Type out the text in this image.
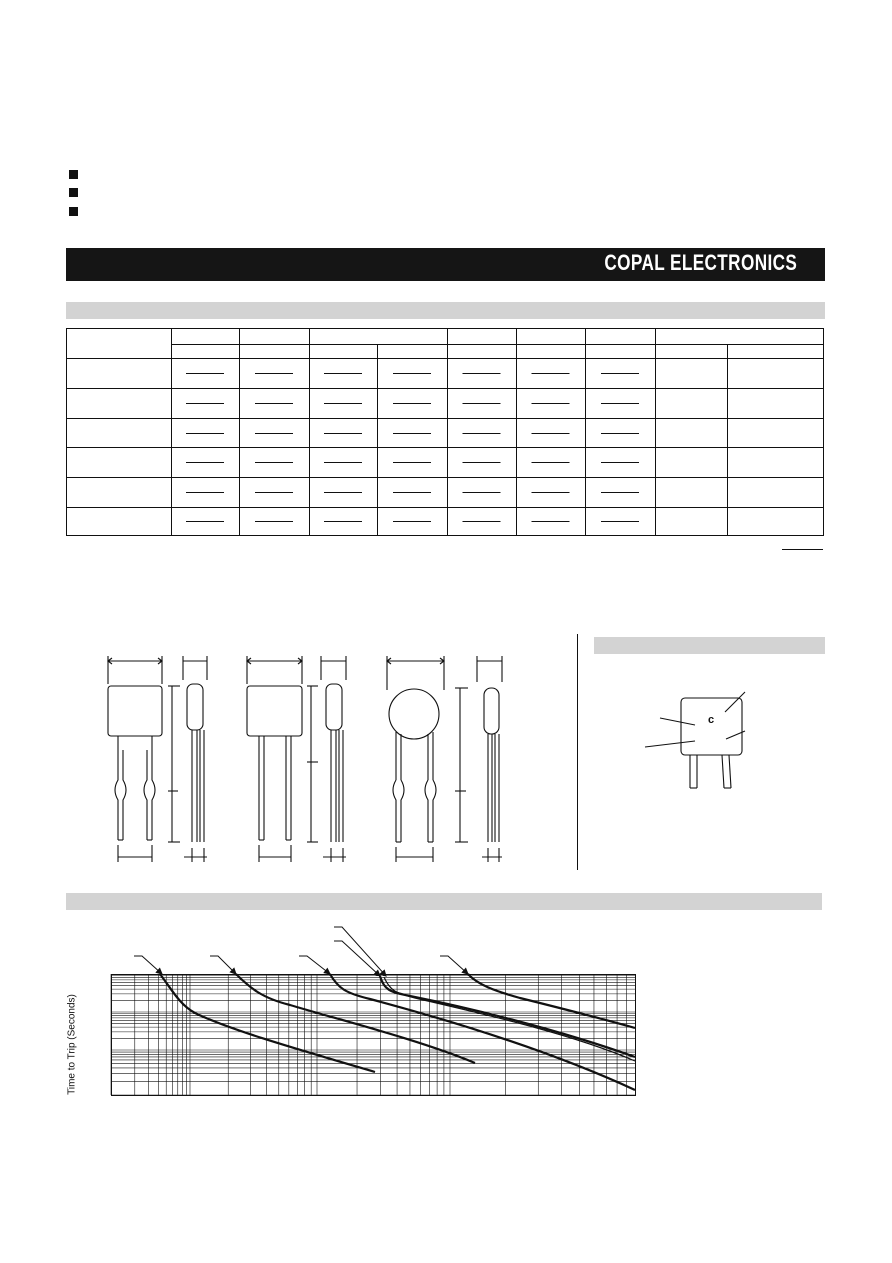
COPAL ELECTRONICS
c
Time to Trip (Seconds)
